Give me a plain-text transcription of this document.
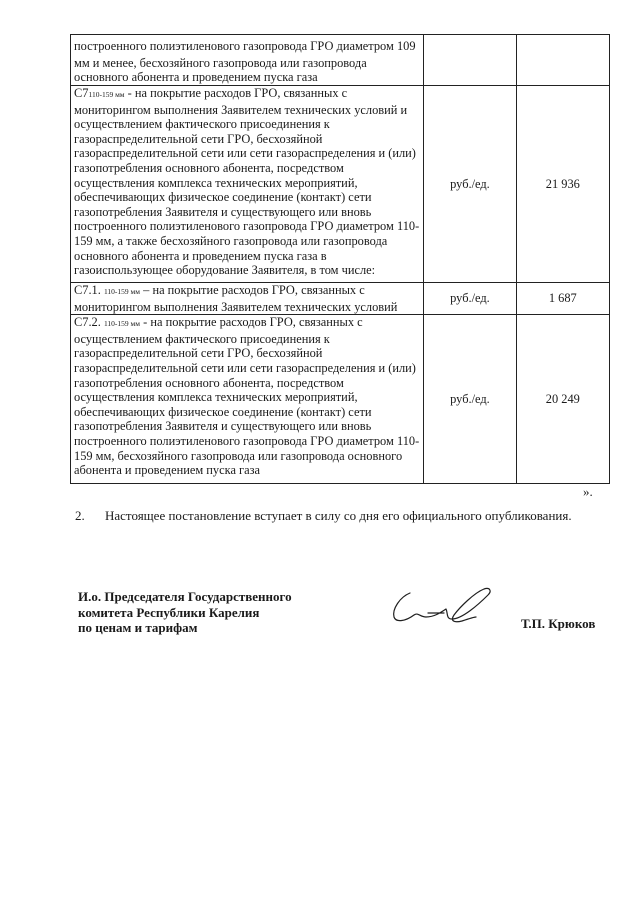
построенного полиэтиленового газопровода ГРО диаметром 109 мм и менее, бесхозяйного газопровода или газопровода основного абонента и проведением пуска газа		
С7110-159 мм - на покрытие расходов ГРО, связанных с мониторингом выполнения Заявителем технических условий и осуществлением фактического присоединения к газораспределительной сети ГРО, бесхозяйной газораспределительной сети или сети газораспределения и (или) газопотребления основного абонента, посредством осуществления комплекса технических мероприятий, обеспечивающих физическое соединение (контакт) сети газопотребления Заявителя и существующего или вновь построенного полиэтиленового газопровода ГРО диаметром 110-159 мм, а также бесхозяйного газопровода или газопровода основного абонента и проведением пуска газа в газоиспользующее оборудование Заявителя, в том числе:	руб./ед.	21 936
С7.1. 110-159 мм – на покрытие расходов ГРО, связанных с мониторингом выполнения Заявителем технических условий	руб./ед.	1 687
С7.2. 110-159 мм - на покрытие расходов ГРО, связанных с осуществлением фактического присоединения к газораспределительной сети ГРО, бесхозяйной газораспределительной сети или сети газораспределения и (или) газопотребления основного абонента, посредством осуществления комплекса технических мероприятий, обеспечивающих физическое соединение (контакт) сети газопотребления Заявителя и существующего или вновь построенного полиэтиленового газопровода ГРО диаметром 110-159 мм, бесхозяйного газопровода или газопровода основного абонента и проведением пуска газа	руб./ед.	20 249
».
2. Настоящее постановление вступает в силу со дня его официального опубликования.
И.о. Председателя Государственного
комитета Республики Карелия
по ценам и тарифам	Т.П. Крюков
